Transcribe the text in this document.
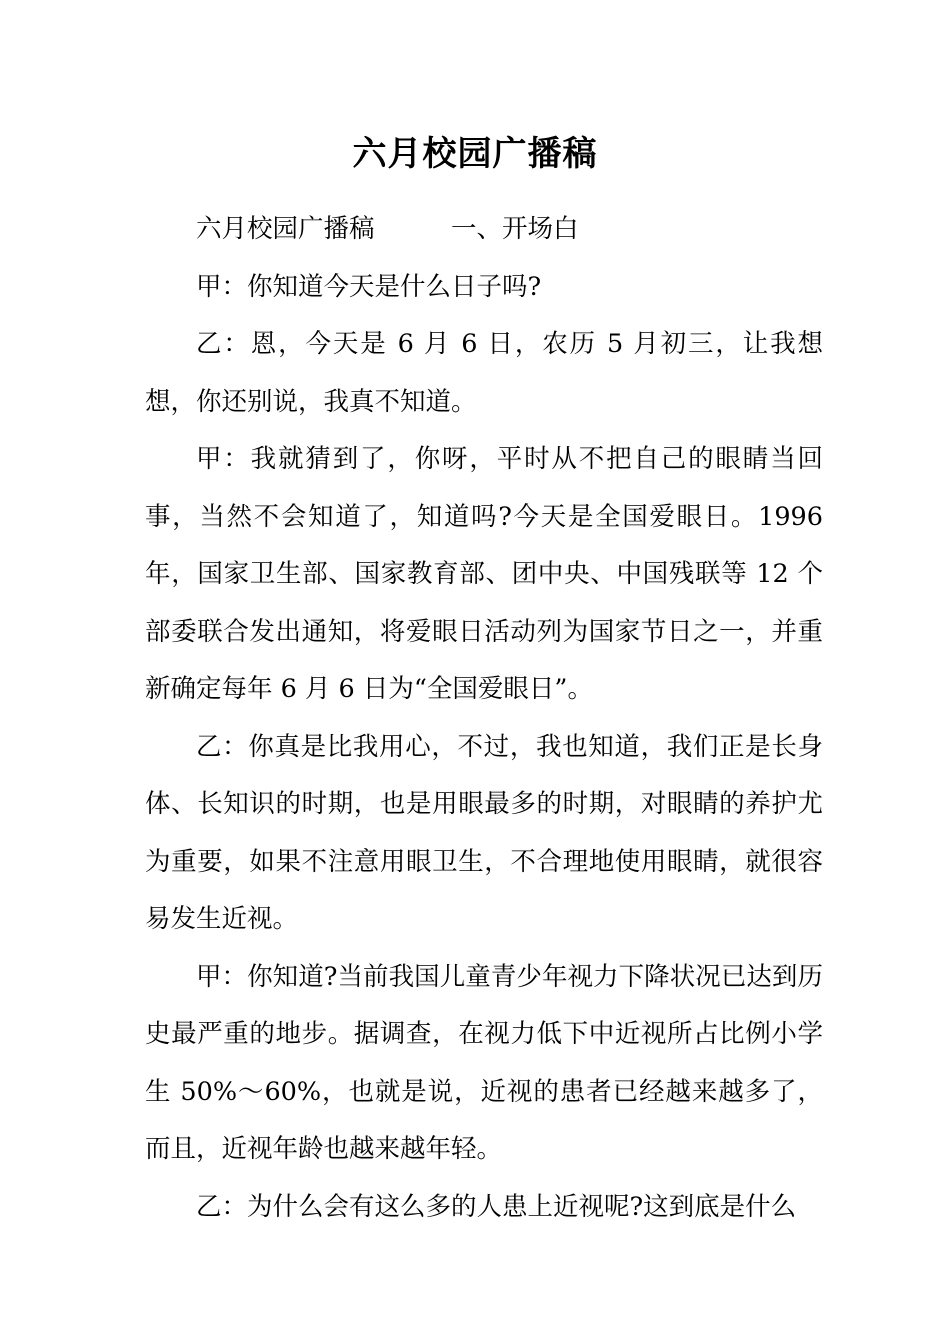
六月校园广播稿

六月校园广播稿　　　一、开场白

甲：你知道今天是什么日子吗?

乙：恩，今天是 6 月 6 日，农历 5 月初三，让我想想，你还别说，我真不知道。

甲：我就猜到了，你呀，平时从不把自己的眼睛当回事，当然不会知道了，知道吗?今天是全国爱眼日。1996 年，国家卫生部、国家教育部、团中央、中国残联等 12 个部委联合发出通知，将爱眼日活动列为国家节日之一，并重新确定每年 6 月 6 日为“全国爱眼日”。

乙：你真是比我用心，不过，我也知道，我们正是长身体、长知识的时期，也是用眼最多的时期，对眼睛的养护尤为重要，如果不注意用眼卫生，不合理地使用眼睛，就很容易发生近视。

甲：你知道?当前我国儿童青少年视力下降状况已达到历史最严重的地步。据调查，在视力低下中近视所占比例小学生 50%～60%，也就是说，近视的患者已经越来越多了，而且，近视年龄也越来越年轻。

乙：为什么会有这么多的人患上近视呢?这到底是什么
